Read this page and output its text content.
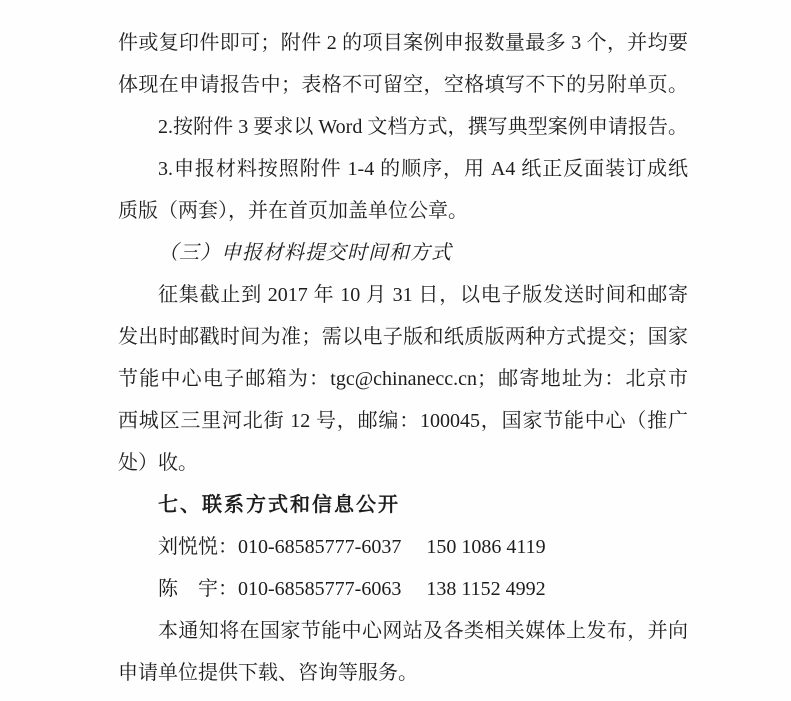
件或复印件即可；附件 2 的项目案例申报数量最多 3 个，并均要
体现在申请报告中；表格不可留空，空格填写不下的另附单页。
2.按附件 3 要求以 Word 文档方式，撰写典型案例申请报告。
3.申报材料按照附件 1-4 的顺序，用 A4 纸正反面装订成纸
质版（两套），并在首页加盖单位公章。
（三）申报材料提交时间和方式
征集截止到 2017 年 10 月 31 日，以电子版发送时间和邮寄
发出时邮戳时间为准；需以电子版和纸质版两种方式提交；国家
节能中心电子邮箱为：tgc@chinanecc.cn；邮寄地址为：北京市
西城区三里河北街 12 号，邮编：100045，国家节能中心（推广
处）收。
七、联系方式和信息公开
刘悦悦：010-68585777-6037　 150 1086 4119
陈　宇：010-68585777-6063　 138 1152 4992
本通知将在国家节能中心网站及各类相关媒体上发布，并向
申请单位提供下载、咨询等服务。
